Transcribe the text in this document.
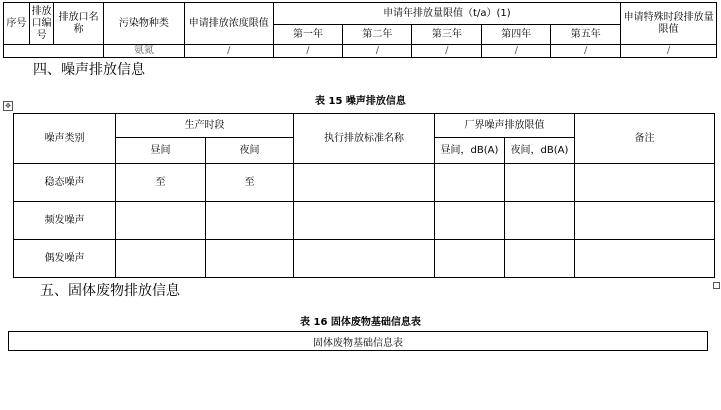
序号	排放口编号	排放口名称	污染物种类	申请排放浓度限值	申请年排放量限值（t/a）(1)					申请特殊时段排放量限值
					第一年	第二年	第三年	第四年	第五年	
			氨氮	/	/	/	/	/	/	/
四、噪声排放信息
✥	表 15 噪声排放信息
噪声类别	生产时段		执行排放标准名称	厂界噪声排放限值		备注
	昼间	夜间		昼间，dB(A)	夜间，dB(A)	
稳态噪声	至	至				
频发噪声						
偶发噪声						
五、固体废物排放信息
表 16 固体废物基础信息表
固体废物基础信息表
